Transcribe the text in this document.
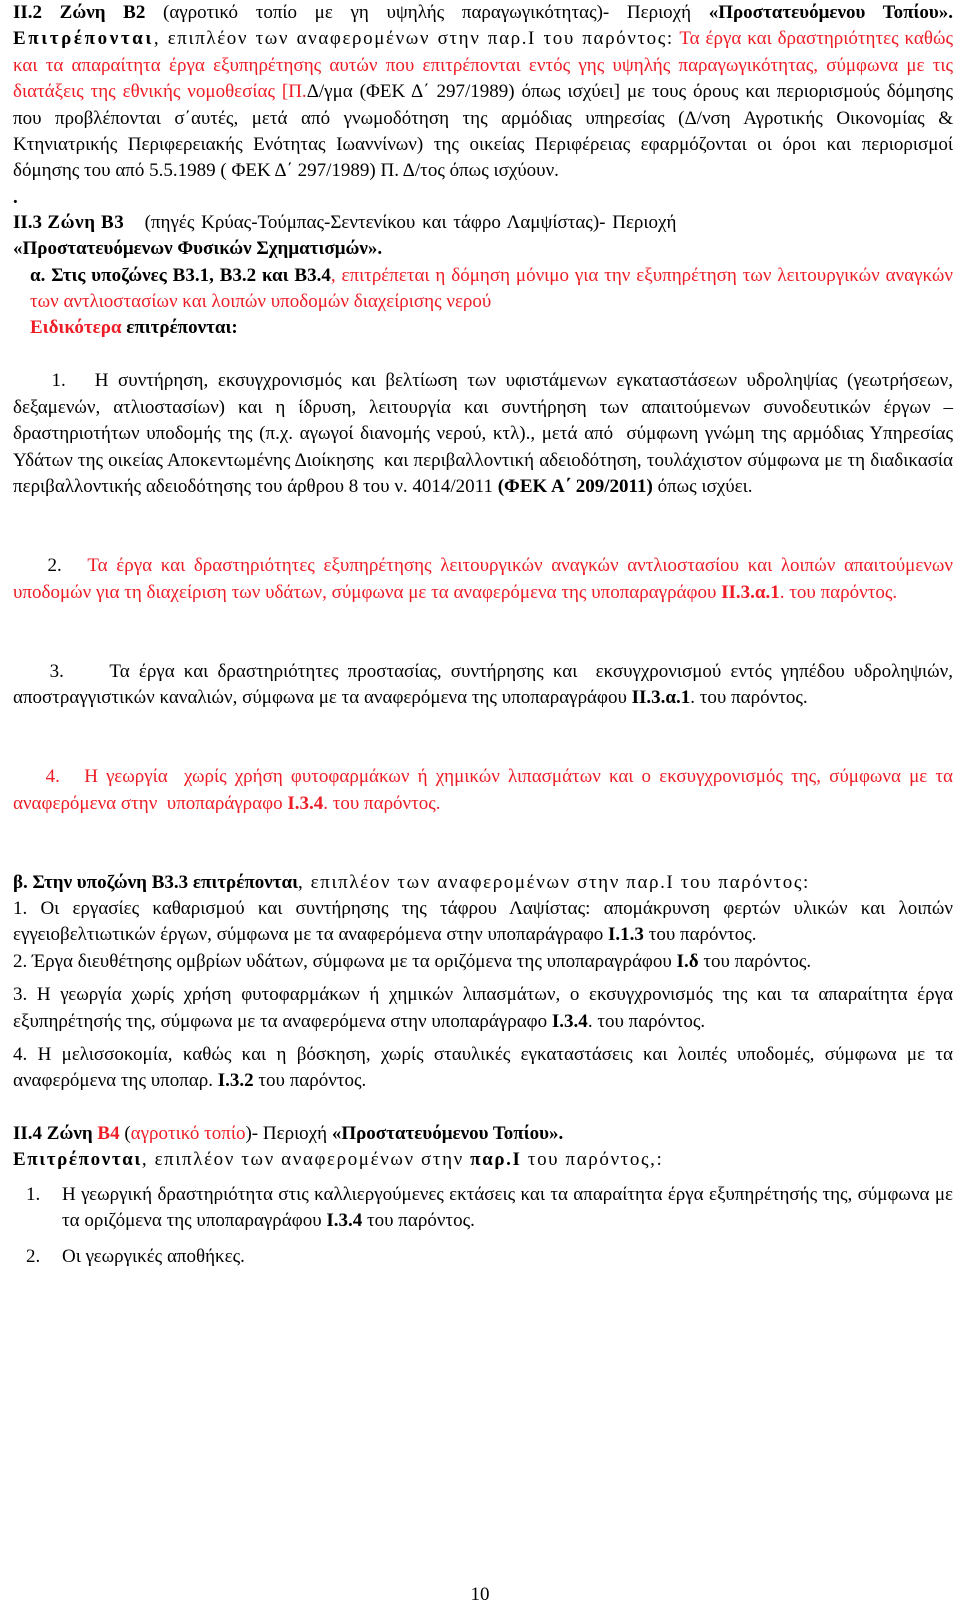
ΙΙ.2 Ζώνη Β2 (αγροτικό τοπίο με γη υψηλής παραγωγικότητας)- Περιοχή «Προστατευόμενου Τοπίου». Επιτρέπονται, επιπλέον των αναφερομένων στην παρ.Ι του παρόντος: Τα έργα και δραστηριότητες καθώς και τα απαραίτητα έργα εξυπηρέτησης αυτών που επιτρέπονται εντός γης υψηλής παραγωγικότητας, σύμφωνα με τις διατάξεις της εθνικής νομοθεσίας [Π.Δ/γμα (ΦΕΚ Δ΄ 297/1989) όπως ισχύει] με τους όρους και περιορισμούς δόμησης που προβλέπονται σ΄αυτές, μετά από γνωμοδότηση της αρμόδιας υπηρεσίας (Δ/νση Αγροτικής Οικονομίας & Κτηνιατρικής Περιφερειακής Ενότητας Ιωαννίνων) της οικείας Περιφέρειας εφαρμόζονται οι όροι και περιορισμοί δόμησης του από 5.5.1989 ( ΦΕΚ Δ΄ 297/1989) Π. Δ/τος όπως ισχύουν.

.

ΙΙ.3 Ζώνη Β3   (πηγές Κρύας-Τούμπας-Σεντενίκου και τάφρο Λαμψίστας)- Περιοχή

«Προστατευόμενων Φυσικών Σχηματισμών».

α. Στις υποζώνες Β3.1, Β3.2 και Β3.4, επιτρέπεται η δόμηση μόνιμο για την εξυπηρέτηση των λειτουργικών αναγκών των αντλιοστασίων και λοιπών υποδομών διαχείρισης νερού

Ειδικότερα επιτρέπονται:

1.   Η συντήρηση, εκσυγχρονισμός και βελτίωση των υφιστάμενων εγκαταστάσεων υδροληψίας (γεωτρήσεων, δεξαμενών, ατλιοστασίων) και η ίδρυση, λειτουργία και συντήρηση των απαιτούμενων συνοδευτικών έργων – δραστηριοτήτων υποδομής της (π.χ. αγωγοί διανομής νερού, κτλ)., μετά από  σύμφωνη γνώμη της αρμόδιας Υπηρεσίας Υδάτων της οικείας Αποκεντωμένης Διοίκησης  και περιβαλλοντική αδειοδότηση, τουλάχιστον σύμφωνα με τη διαδικασία περιβαλλοντικής αδειοδότησης του άρθρου 8 του ν. 4014/2011 (ΦΕΚ Α΄ 209/2011) όπως ισχύει.

2.   Τα έργα και δραστηριότητες εξυπηρέτησης λειτουργικών αναγκών αντλιοστασίου και λοιπών απαιτούμενων υποδομών για τη διαχείριση των υδάτων, σύμφωνα με τα αναφερόμενα της υποπαραγράφου ΙΙ.3.α.1. του παρόντος.

3.     Τα έργα και δραστηριότητες προστασίας, συντήρησης και  εκσυγχρονισμού εντός γηπέδου υδροληψιών, αποστραγγιστικών καναλιών, σύμφωνα με τα αναφερόμενα της υποπαραγράφου ΙΙ.3.α.1. του παρόντος.

4.   Η γεωργία  χωρίς χρήση φυτοφαρμάκων ή χημικών λιπασμάτων και ο εκσυγχρονισμός της, σύμφωνα με τα αναφερόμενα στην  υποπαράγραφο Ι.3.4. του παρόντος.

β. Στην υποζώνη Β3.3 επιτρέπονται, επιπλέον των αναφερομένων στην παρ.Ι του παρόντος:

1. Οι εργασίες καθαρισμού και συντήρησης της τάφρου Λαψίστας: απομάκρυνση φερτών υλικών και λοιπών εγγειοβελτιωτικών έργων, σύμφωνα με τα αναφερόμενα στην υποπαράγραφο Ι.1.3 του παρόντος.

2. Έργα διευθέτησης ομβρίων υδάτων, σύμφωνα με τα οριζόμενα της υποπαραγράφου Ι.δ του παρόντος.

3. Η γεωργία χωρίς χρήση φυτοφαρμάκων ή χημικών λιπασμάτων, ο εκσυγχρονισμός της και τα απαραίτητα έργα εξυπηρέτησής της, σύμφωνα με τα αναφερόμενα στην υποπαράγραφο Ι.3.4. του παρόντος.

4. Η μελισσοκομία, καθώς και η βόσκηση, χωρίς σταυλικές εγκαταστάσεις και λοιπές υποδομές, σύμφωνα με τα αναφερόμενα της υποπαρ. Ι.3.2 του παρόντος.

ΙΙ.4 Ζώνη Β4 (αγροτικό τοπίο)- Περιοχή «Προστατευόμενου Τοπίου».

Επιτρέπονται, επιπλέον των αναφερομένων στην παρ.Ι του παρόντος,:

1.	Η γεωργική δραστηριότητα στις καλλιεργούμενες εκτάσεις και τα απαραίτητα έργα εξυπηρέτησής της, σύμφωνα με τα οριζόμενα της υποπαραγράφου Ι.3.4 του παρόντος.
2.	Οι γεωργικές αποθήκες.
10
